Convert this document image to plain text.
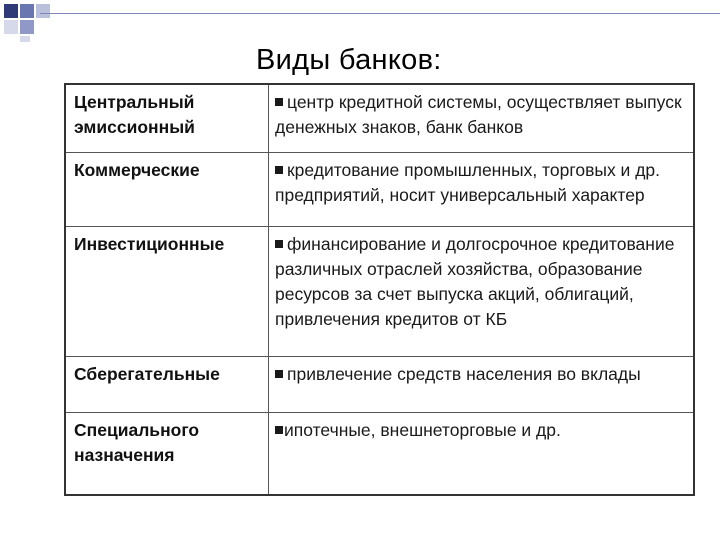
Виды банков:
Центральный эмиссионный	центр кредитной системы, осуществляет выпуск денежных знаков, банк банков
Коммерческие	кредитование промышленных, торговых и др. предприятий, носит универсальный характер
Инвестиционные	финансирование и долгосрочное кредитование различных отраслей хозяйства, образование ресурсов за счет выпуска акций, облигаций, привлечения кредитов от КБ
Сберегательные	привлечение средств населения во вклады
Специального назначения	ипотечные, внешнеторговые и др.
